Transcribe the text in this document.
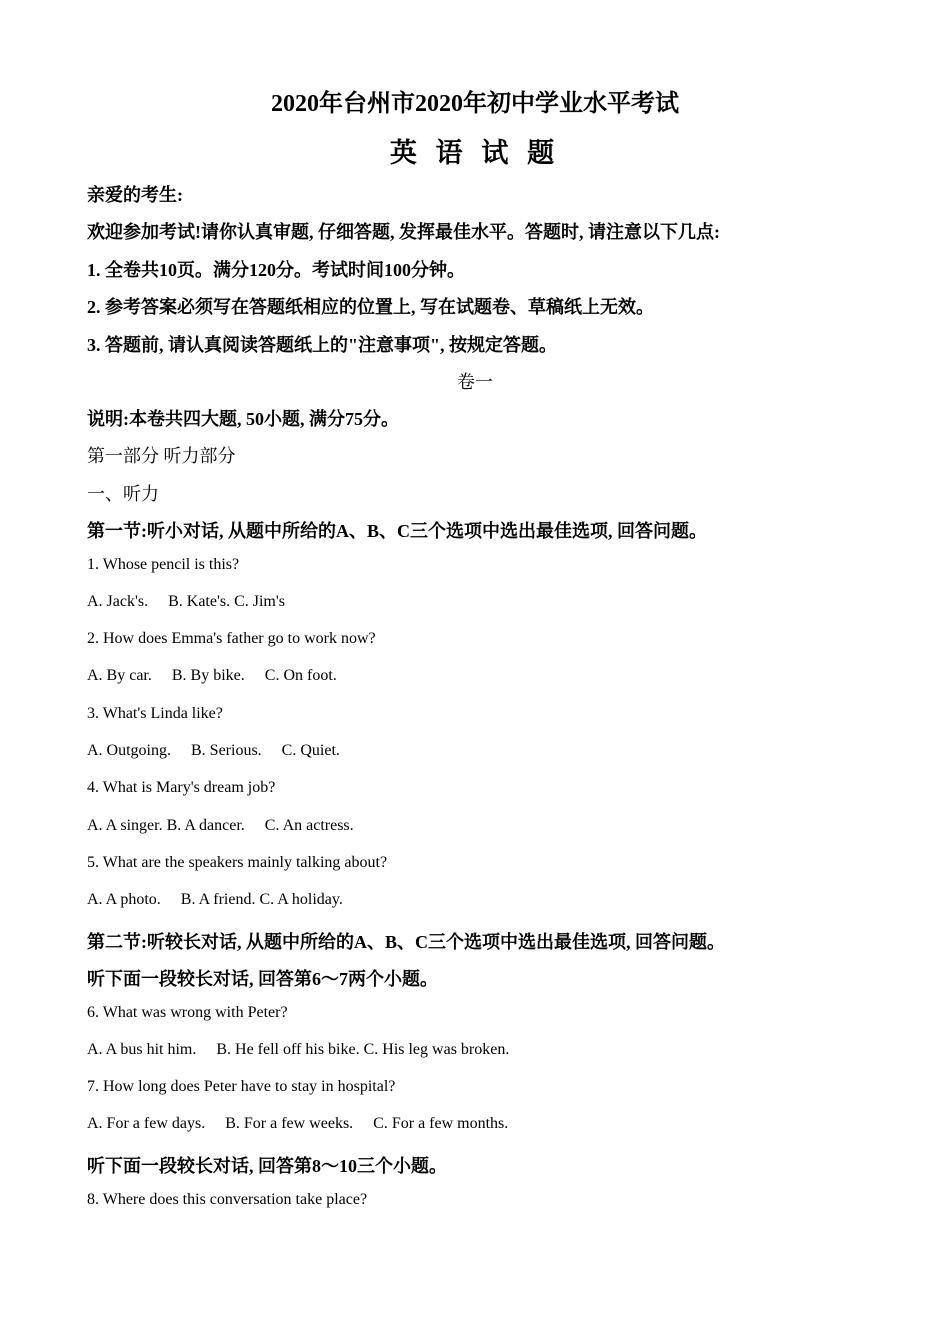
2020年台州市2020年初中学业水平考试
英 语 试 题
亲爱的考生:
欢迎参加考试!请你认真审题, 仔细答题, 发挥最佳水平。答题时, 请注意以下几点:
1. 全卷共10页。满分120分。考试时间100分钟。
2. 参考答案必须写在答题纸相应的位置上, 写在试题卷、草稿纸上无效。
3. 答题前, 请认真阅读答题纸上的"注意事项", 按规定答题。
卷一
说明:本卷共四大题, 50小题, 满分75分。
第一部分 听力部分
一、听力
第一节:听小对话, 从题中所给的A、B、C三个选项中选出最佳选项, 回答问题。
1. Whose pencil is this?
A. Jack's.     B. Kate's. C. Jim's
2. How does Emma's father go to work now?
A. By car.     B. By bike.     C. On foot.
3. What's Linda like?
A. Outgoing.     B. Serious.     C. Quiet.
4. What is Mary's dream job?
A. A singer. B. A dancer.     C. An actress.
5. What are the speakers mainly talking about?
A. A photo.     B. A friend. C. A holiday.
第二节:听较长对话, 从题中所给的A、B、C三个选项中选出最佳选项, 回答问题。
听下面一段较长对话, 回答第6～7两个小题。
6. What was wrong with Peter?
A. A bus hit him.     B. He fell off his bike. C. His leg was broken.
7. How long does Peter have to stay in hospital?
A. For a few days.     B. For a few weeks.     C. For a few months.
听下面一段较长对话, 回答第8～10三个小题。
8. Where does this conversation take place?
